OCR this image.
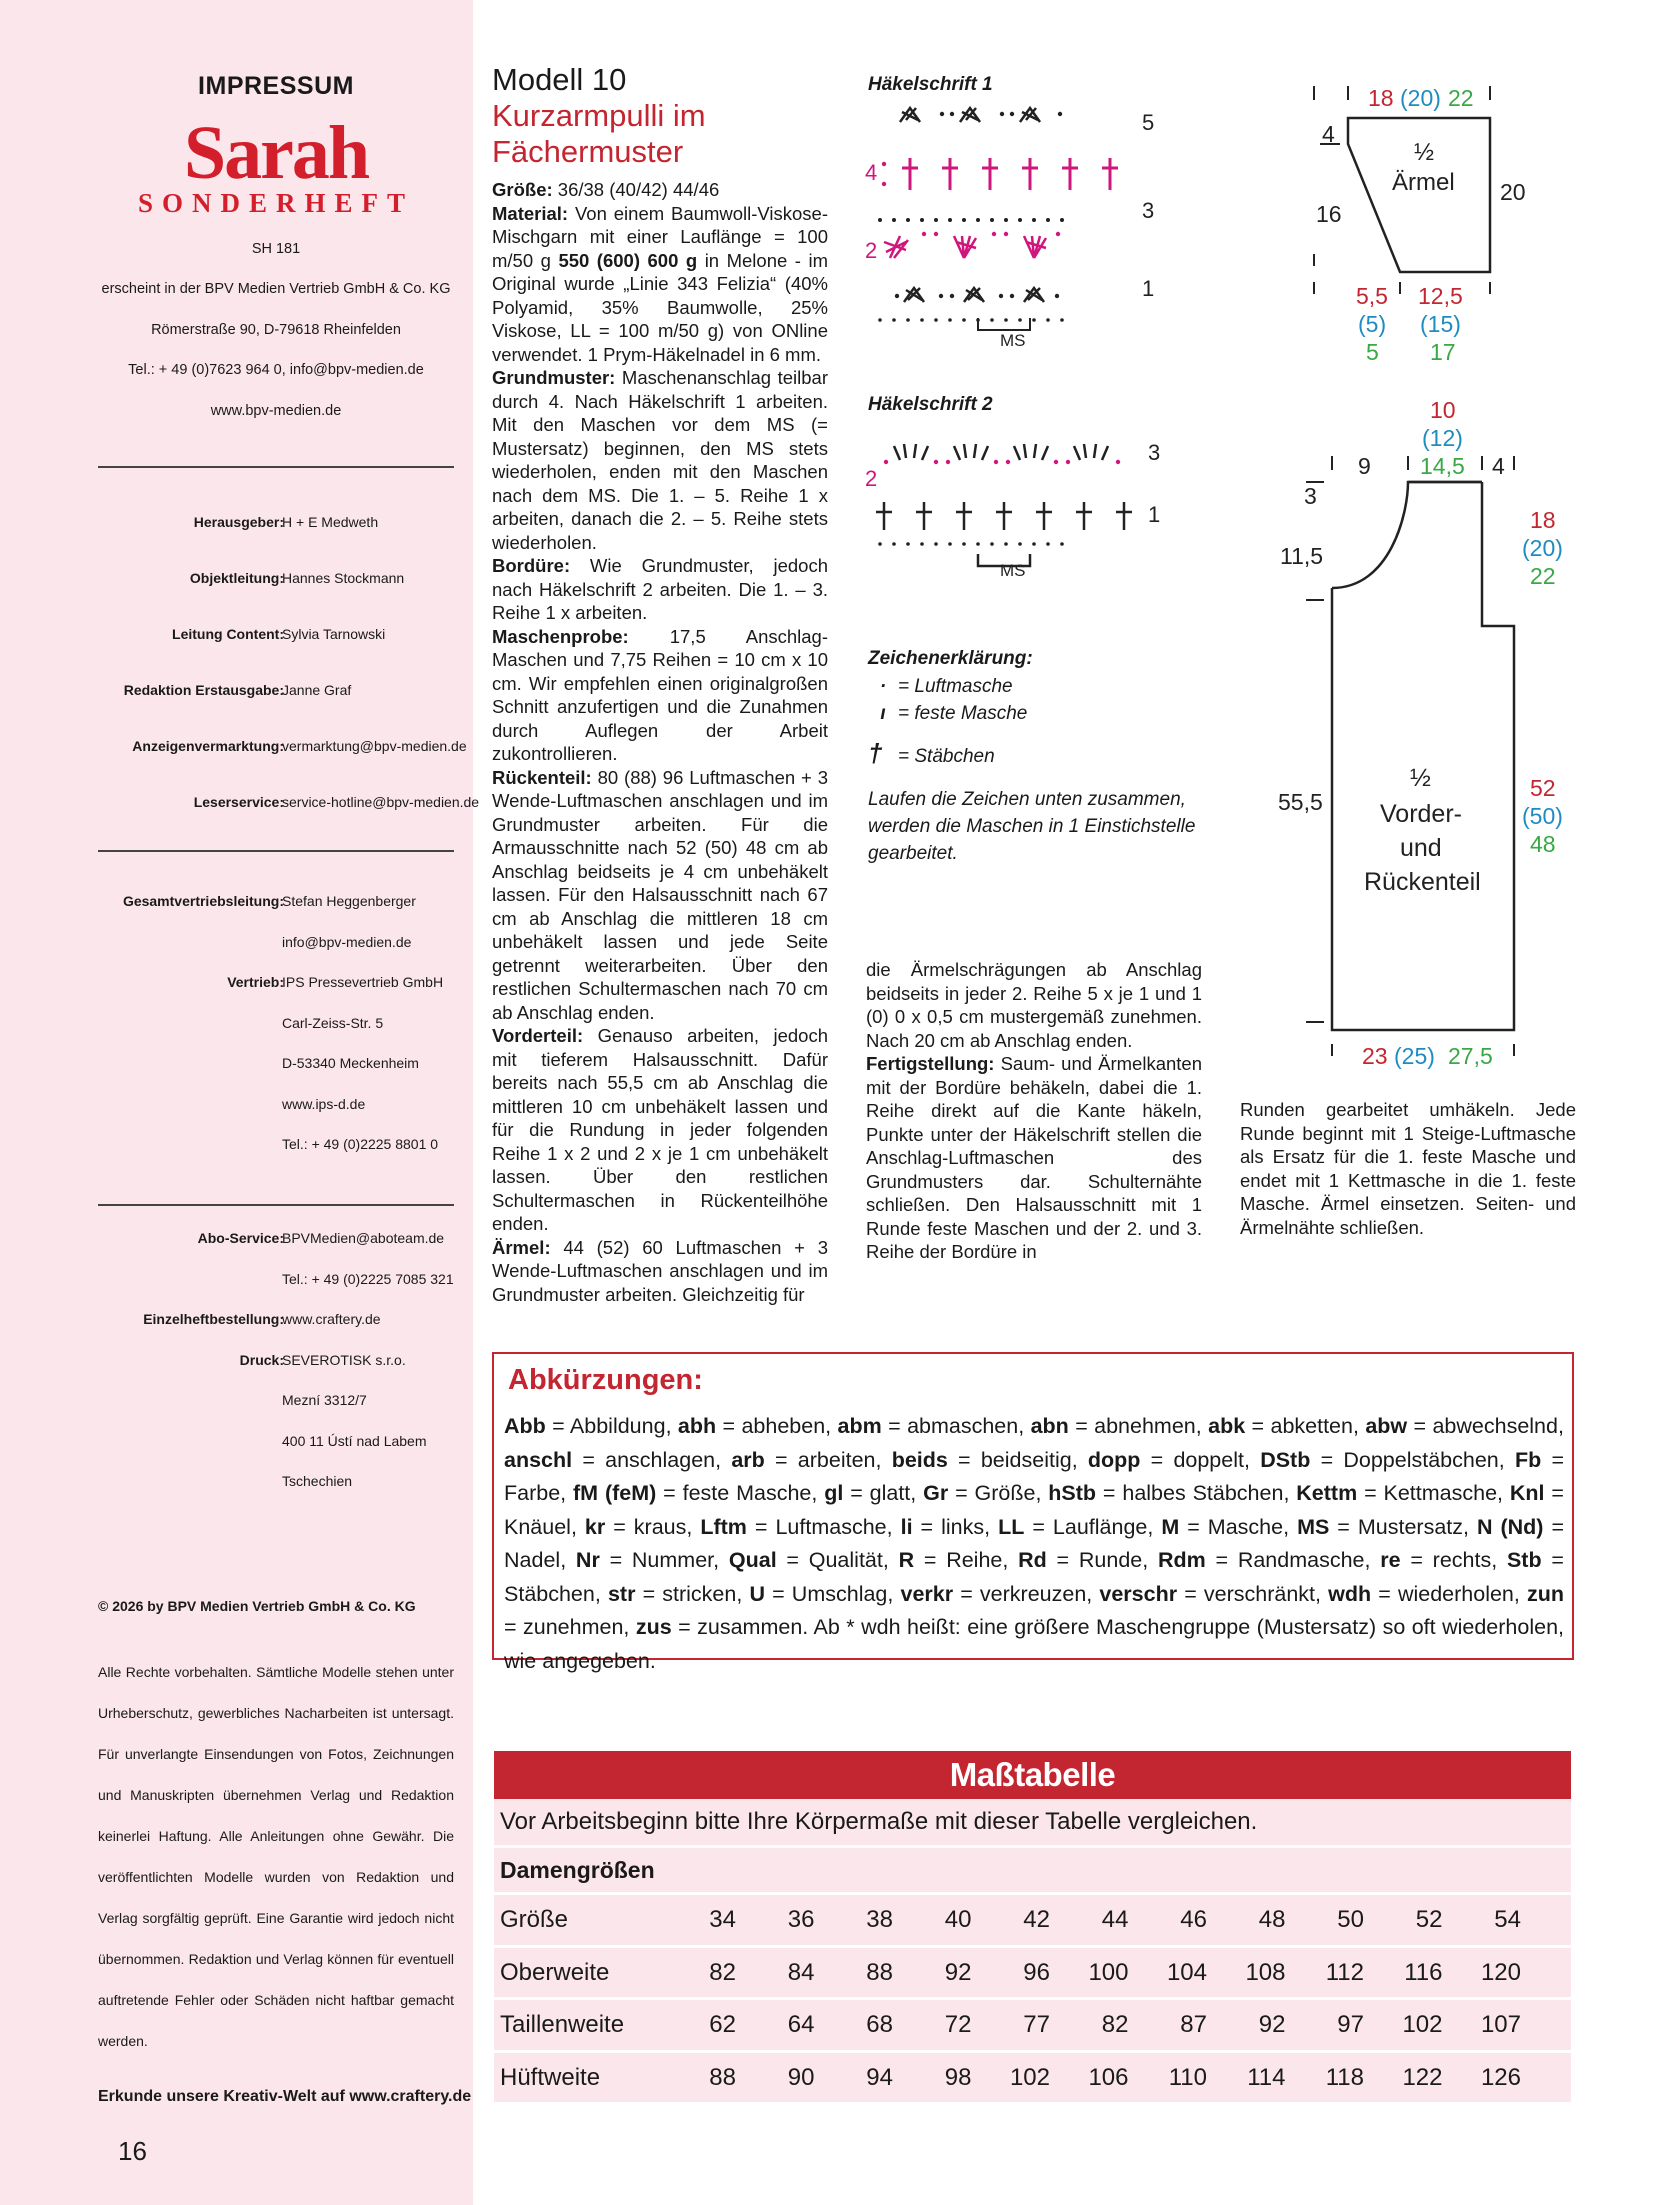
IMPRESSUM
Sarah
SONDERHEFT
SH 181
erscheint in der BPV Medien Vertrieb GmbH & Co. KG
Römerstraße 90, D-79618 Rheinfelden
Tel.: + 49 (0)7623 964 0, info@bpv-medien.de
www.bpv-medien.de
Herausgeber:
H + E Medweth
Objektleitung:
Hannes Stockmann
Leitung Content:
Sylvia Tarnowski
Redaktion Erstausgabe:
Janne Graf
Anzeigenvermarktung:
vermarktung@bpv-medien.de
Leserservice:
service-hotline@bpv-medien.de
Gesamtvertriebsleitung:
Stefan Heggenberger
info@bpv-medien.de
Vertrieb:
IPS Pressevertrieb GmbH
Carl-Zeiss-Str. 5
D-53340 Meckenheim
www.ips-d.de
Tel.: + 49 (0)2225 8801 0
Abo-Service:
BPVMedien@aboteam.de
Tel.: + 49 (0)2225 7085 321
Einzelheftbestellung:
www.craftery.de
Druck:
SEVEROTISK s.r.o.
Mezní 3312/7
400 11 Ústí nad Labem
Tschechien
© 2026 by BPV Medien Vertrieb GmbH & Co. KG
Alle Rechte vorbehalten. Sämtliche Modelle stehen unter Urheberschutz, gewerbliches Nacharbeiten ist untersagt. Für unverlangte Einsendungen von Fotos, Zeichnungen und Manuskripten übernehmen Verlag und Redaktion keinerlei Haftung. Alle Anleitungen ohne Gewähr. Die veröffentlichten Modelle wurden von Redaktion und Verlag sorgfältig geprüft. Eine Garantie wird jedoch nicht übernommen. Redaktion und Verlag können für eventuell auftretende Fehler oder Schäden nicht haftbar gemacht werden.
Erkunde unsere Kreativ-Welt auf www.craftery.de
16
Modell 10
Kurzarmpulli im
Fächermuster
Größe: 36/38 (40/42) 44/46
Material: Von einem Baumwoll-Viskose-Mischgarn mit einer Lauflänge = 100 m/50 g 550 (600) 600 g in Melone - im Original wurde „Linie 343 Felizia“ (40% Polyamid, 35% Baumwolle, 25% Viskose, LL = 100 m/50 g) von ONline verwendet. 1 Prym-Häkelnadel in 6 mm.
Grundmuster: Maschenanschlag teilbar durch 4. Nach Häkelschrift 1 arbeiten. Mit den Maschen vor dem MS (= Mustersatz) beginnen, den MS stets wiederholen, enden mit den Maschen nach dem MS. Die 1. – 5. Reihe 1 x arbeiten, danach die 2. – 5. Reihe stets wiederholen.
Bordüre: Wie Grundmuster, jedoch nach Häkelschrift 2 arbeiten. Die 1. – 3. Reihe 1 x arbeiten.
Maschenprobe: 17,5 Anschlag-Maschen und 7,75 Reihen = 10 cm x 10 cm. Wir empfehlen einen originalgroßen Schnitt anzufertigen und die Zunahmen durch Auflegen der Arbeit zukontrollieren.
Rückenteil: 80 (88) 96 Luftmaschen + 3 Wende-Luftmaschen anschlagen und im Grundmuster arbeiten. Für die Armausschnitte nach 52 (50) 48 cm ab Anschlag beidseits je 4 cm unbehäkelt lassen. Für den Halsausschnitt nach 67 cm ab Anschlag die mittleren 18 cm unbehäkelt lassen und jede Seite getrennt weiterarbeiten. Über den restlichen Schultermaschen nach 70 cm ab Anschlag enden.
Vorderteil: Genauso arbeiten, jedoch mit tieferem Halsausschnitt. Dafür bereits nach 55,5 cm ab Anschlag die mittleren 10 cm unbehäkelt lassen und für die Rundung in jeder folgenden Reihe 1 x 2 und 2 x je 1 cm unbehäkelt lassen. Über den restlichen Schultermaschen in Rückenteilhöhe enden.
Ärmel: 44 (52) 60 Luftmaschen + 3 Wende-Luftmaschen anschlagen und im Grundmuster arbeiten. Gleichzeitig für
Häkelschrift 1
MS
5
4
3
2
1
Häkelschrift 2
MS
3
2
1
Zeichenerklärung:
· = Luftmasche
ı = feste Masche
† = Stäbchen
Laufen die Zeichen unten zusammen, werden die Maschen in 1 Einstichstelle gearbeitet.
die Ärmelschrägungen ab Anschlag beidseits in jeder 2. Reihe 5 x je 1 und 1 (0) 0 x 0,5 cm mustergemäß zunehmen. Nach 20 cm ab Anschlag enden.
Fertigstellung: Saum- und Ärmelkanten mit der Bordüre behäkeln, dabei die 1. Reihe direkt auf die Kante häkeln, Punkte unter der Häkelschrift stellen die Anschlag-Luftmaschen des Grundmusters dar. Schulternähte schließen. Den Halsausschnitt mit 1 Runde feste Maschen und der 2. und 3. Reihe der Bordüre in
18 (20) 22
4
16
20
½
Ärmel
5,5
(5)
5
12,5
(15)
17
10
(12)
14,5
9	4
3
11,5
18
(20)
22
55,5
52
(50)
48
23 (25) 27,5
½
Vorder-
und
Rückenteil
Runden gearbeitet umhäkeln. Jede Runde beginnt mit 1 Steige-Luftmasche als Ersatz für die 1. feste Masche und endet mit 1 Kettmasche in die 1. feste Masche. Ärmel einsetzen. Seiten- und Ärmelnähte schließen.
Abkürzungen:
Abb = Abbildung, abh = abheben, abm = abmaschen, abn = abnehmen, abk = abketten, abw = abwechselnd, anschl = anschlagen, arb = arbeiten, beids = beidseitig, dopp = doppelt, DStb = Doppelstäbchen, Fb = Farbe, fM (feM) = feste Masche, gl = glatt, Gr = Größe, hStb = halbes Stäbchen, Kettm = Kettmasche, Knl = Knäuel, kr = kraus, Lftm = Luftmasche, li = links, LL = Lauflänge, M = Masche, MS = Mustersatz, N (Nd) = Nadel, Nr = Nummer, Qual = Qualität, R = Reihe, Rd = Runde, Rdm = Randmasche, re = rechts, Stb = Stäbchen, str = stricken, U = Umschlag, verkr = verkreuzen, verschr = verschränkt, wdh = wiederholen, zun = zunehmen, zus = zusammen. Ab * wdh heißt: eine größere Maschengruppe (Mustersatz) so oft wiederholen, wie angegeben.
Maßtabelle
Vor Arbeitsbeginn bitte Ihre Körpermaße mit dieser Tabelle vergleichen.
Damengrößen
Größe	34	36	38	40	42	44	46	48	50	52	54
Oberweite	82	84	88	92	96	100	104	108	112	116	120
Taillenweite	62	64	68	72	77	82	87	92	97	102	107
Hüftweite	88	90	94	98	102	106	110	114	118	122	126
